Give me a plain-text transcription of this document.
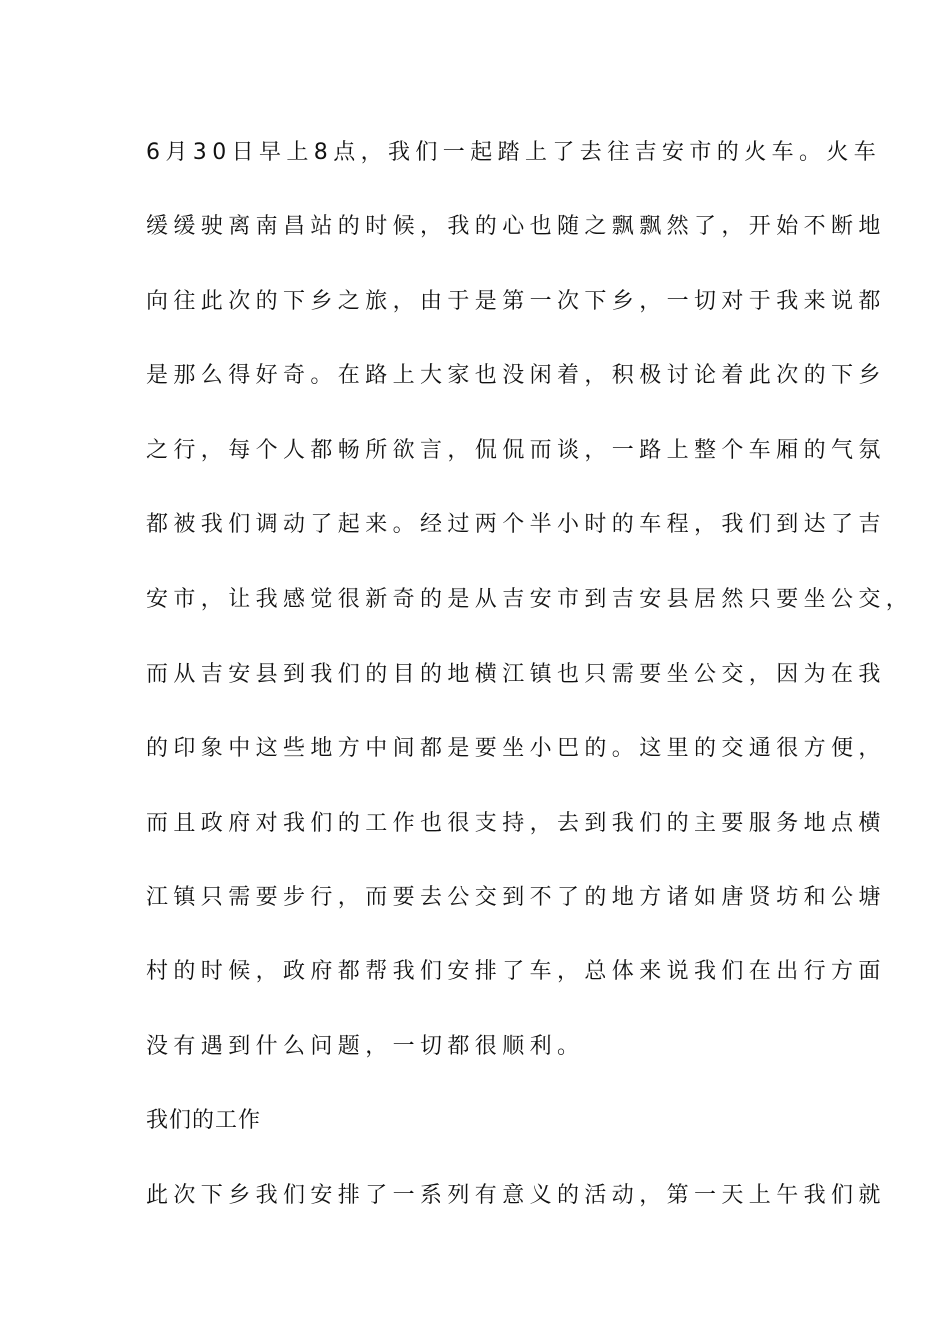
6月30日早上8点，我们一起踏上了去往吉安市的火车。火车
缓缓驶离南昌站的时候，我的心也随之飘飘然了，开始不断地
向往此次的下乡之旅，由于是第一次下乡，一切对于我来说都
是那么得好奇。在路上大家也没闲着，积极讨论着此次的下乡
之行，每个人都畅所欲言，侃侃而谈，一路上整个车厢的气氛
都被我们调动了起来。经过两个半小时的车程，我们到达了吉
安市，让我感觉很新奇的是从吉安市到吉安县居然只要坐公交，
而从吉安县到我们的目的地横江镇也只需要坐公交，因为在我
的印象中这些地方中间都是要坐小巴的。这里的交通很方便，
而且政府对我们的工作也很支持，去到我们的主要服务地点横
江镇只需要步行，而要去公交到不了的地方诸如唐贤坊和公塘
村的时候，政府都帮我们安排了车，总体来说我们在出行方面
没有遇到什么问题，一切都很顺利。
我们的工作
此次下乡我们安排了一系列有意义的活动，第一天上午我们就
